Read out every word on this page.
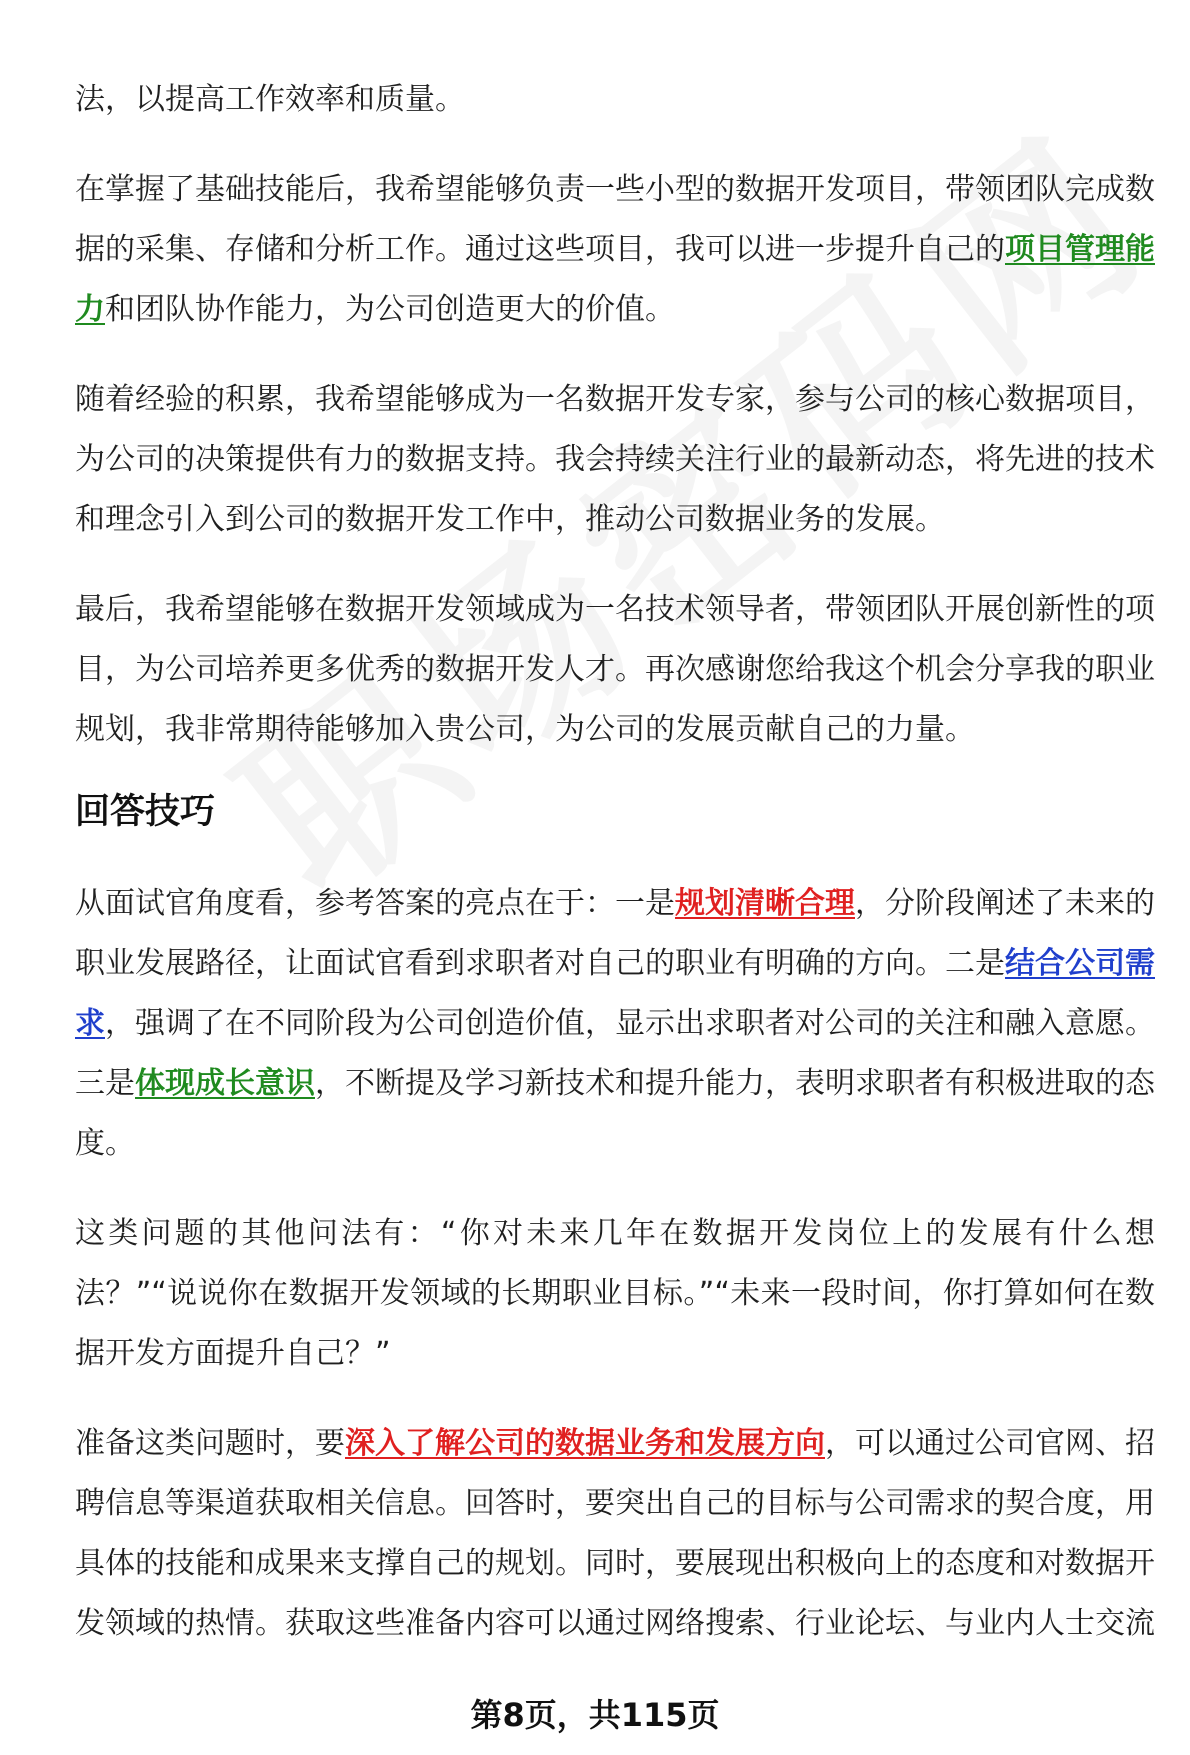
法，以提高工作效率和质量。

在掌握了基础技能后，我希望能够负责一些小型的数据开发项目，带领团队完成数据的采集、存储和分析工作。通过这些项目，我可以进一步提升自己的项目管理能力和团队协作能力，为公司创造更大的价值。

随着经验的积累，我希望能够成为一名数据开发专家，参与公司的核心数据项目，为公司的决策提供有力的数据支持。我会持续关注行业的最新动态，将先进的技术和理念引入到公司的数据开发工作中，推动公司数据业务的发展。

最后，我希望能够在数据开发领域成为一名技术领导者，带领团队开展创新性的项目，为公司培养更多优秀的数据开发人才。再次感谢您给我这个机会分享我的职业规划，我非常期待能够加入贵公司，为公司的发展贡献自己的力量。

回答技巧

从面试官角度看，参考答案的亮点在于：一是规划清晰合理，分阶段阐述了未来的职业发展路径，让面试官看到求职者对自己的职业有明确的方向。二是结合公司需求，强调了在不同阶段为公司创造价值，显示出求职者对公司的关注和融入意愿。三是体现成长意识，不断提及学习新技术和提升能力，表明求职者有积极进取的态度。

这类问题的其他问法有：“你对未来几年在数据开发岗位上的发展有什么想法？”“说说你在数据开发领域的长期职业目标。”“未来一段时间，你打算如何在数据开发方面提升自己？”

准备这类问题时，要深入了解公司的数据业务和发展方向，可以通过公司官网、招聘信息等渠道获取相关信息。回答时，要突出自己的目标与公司需求的契合度，用具体的技能和成果来支撑自己的规划。同时，要展现出积极向上的态度和对数据开发领域的热情。获取这些准备内容可以通过网络搜索、行业论坛、与业内人士交流

第8页，共115页
